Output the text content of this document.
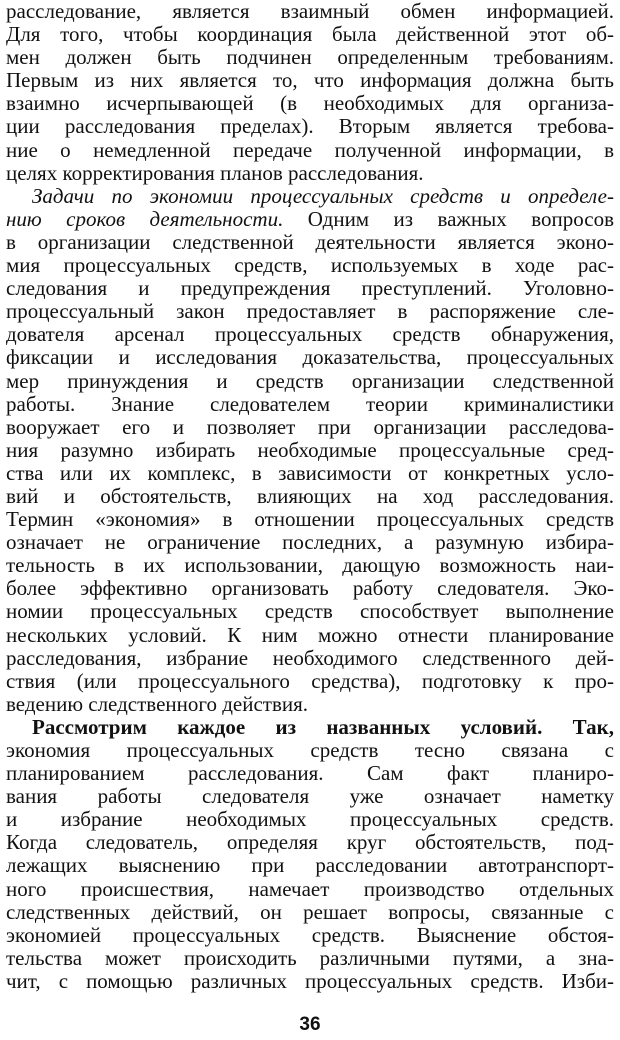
расследование, является взаимный обмен информацией.
Для того, чтобы координация была действенной этот об-
мен должен быть подчинен определенным требованиям.
Первым из них является то, что информация должна быть
взаимно исчерпывающей (в необходимых для организа-
ции расследования пределах). Вторым является требова-
ние о немедленной передаче полученной информации, в
целях корректирования планов расследования.
Задачи по экономии процессуальных средств и определе-
нию сроков деятельности. Одним из важных вопросов
в организации следственной деятельности является эконо-
мия процессуальных средств, используемых в ходе рас-
следования и предупреждения преступлений. Уголовно-
процессуальный закон предоставляет в распоряжение сле-
дователя арсенал процессуальных средств обнаружения,
фиксации и исследования доказательства, процессуальных
мер принуждения и средств организации следственной
работы. Знание следователем теории криминалистики
вооружает его и позволяет при организации расследова-
ния разумно избирать необходимые процессуальные сред-
ства или их комплекс, в зависимости от конкретных усло-
вий и обстоятельств, влияющих на ход расследования.
Термин «экономия» в отношении процессуальных средств
означает не ограничение последних, а разумную избира-
тельность в их использовании, дающую возможность наи-
более эффективно организовать работу следователя. Эко-
номии процессуальных средств способствует выполнение
нескольких условий. К ним можно отнести планирование
расследования, избрание необходимого следственного дей-
ствия (или процессуального средства), подготовку к про-
ведению следственного действия.
Рассмотрим каждое из названных условий. Так,
экономия процессуальных средств тесно связана с
планированием расследования. Сам факт планиро-
вания работы следователя уже означает наметку
и избрание необходимых процессуальных средств.
Когда следователь, определяя круг обстоятельств, под-
лежащих выяснению при расследовании автотранспорт-
ного происшествия, намечает производство отдельных
следственных действий, он решает вопросы, связанные с
экономией процессуальных средств. Выяснение обстоя-
тельства может происходить различными путями, а зна-
чит, с помощью различных процессуальных средств. Изби-
36
